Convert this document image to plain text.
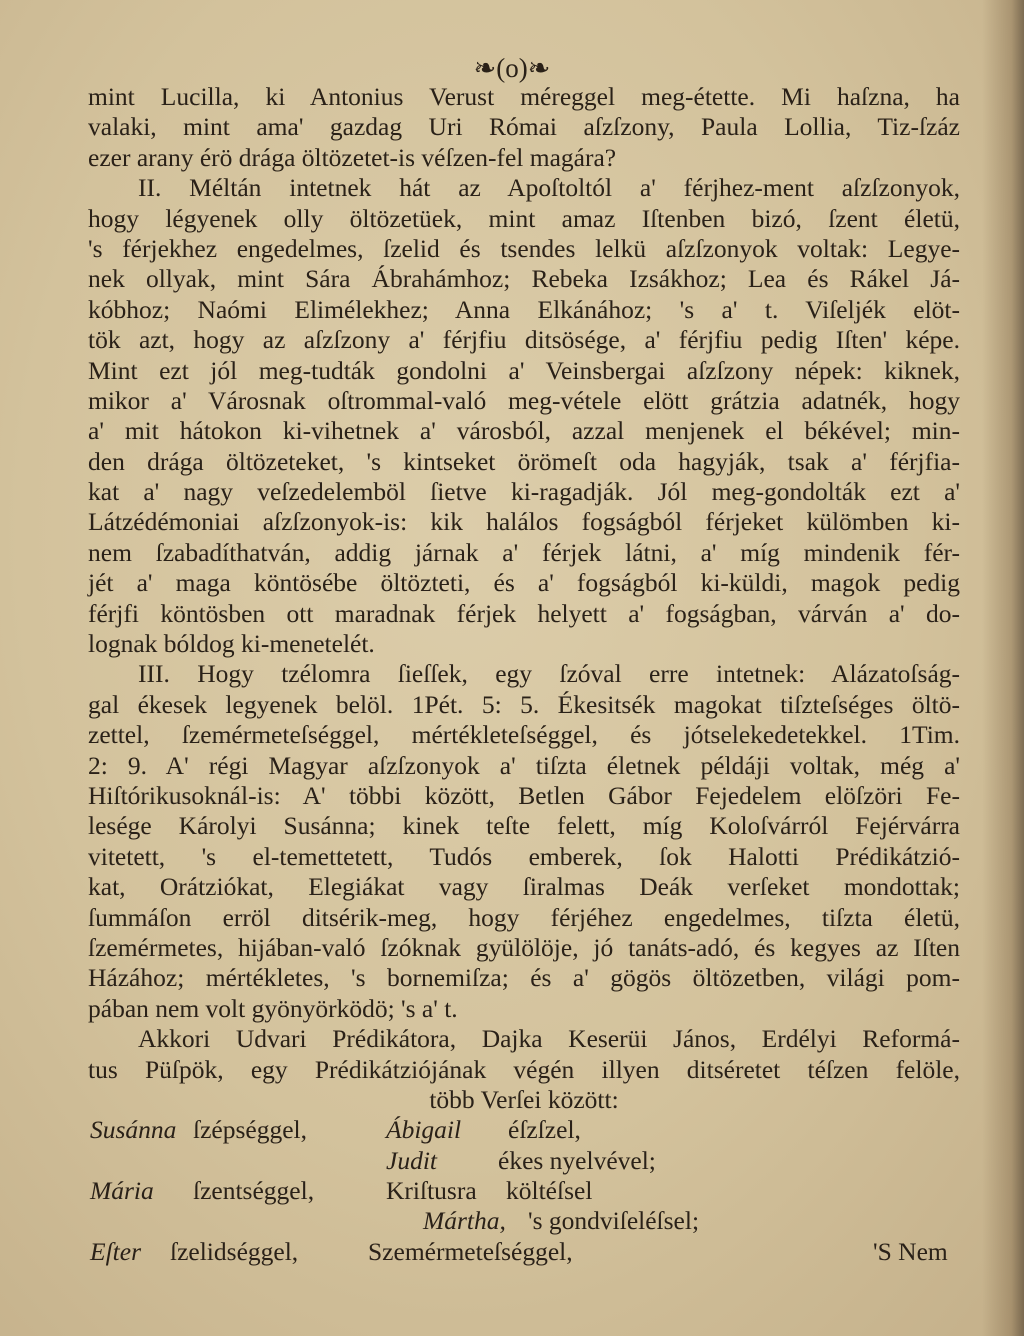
❧(o)❧
mint Lucilla, ki Antonius Verust méreggel meg-étette. Mi haſzna, ha
valaki, mint ama' gazdag Uri Római aſzſzony, Paula Lollia, Tiz-ſzáz
ezer arany érö drága öltözetet-is véſzen-fel magára?
II. Méltán intetnek hát az Apoſtoltól a' férjhez-ment aſzſzonyok,
hogy légyenek olly öltözetüek, mint amaz Iſtenben bizó, ſzent életü,
's férjekhez engedelmes, ſzelid és tsendes lelkü aſzſzonyok voltak: Legye-
nek ollyak, mint Sára Ábrahámhoz; Rebeka Izsákhoz; Lea és Rákel Já-
kóbhoz; Naómi Elimélekhez; Anna Elkánához; 's a' t. Viſeljék elöt-
tök azt, hogy az aſzſzony a' férjfiu ditsösége, a' férjfiu pedig Iſten' képe.
Mint ezt jól meg-tudták gondolni a' Veinsbergai aſzſzony népek: kiknek,
mikor a' Városnak oſtrommal-való meg-vétele elött grátzia adatnék, hogy
a' mit hátokon ki-vihetnek a' városból, azzal menjenek el békével; min-
den drága öltözeteket, 's kintseket örömeſt oda hagyják, tsak a' férjfia-
kat a' nagy veſzedelemböl ſietve ki-ragadják. Jól meg-gondolták ezt a'
Látzédémoniai aſzſzonyok-is: kik halálos fogságból férjeket külömben ki-
nem ſzabadíthatván, addig járnak a' férjek látni, a' míg mindenik fér-
jét a' maga köntösébe öltözteti, és a' fogságból ki-küldi, magok pedig
férjfi köntösben ott maradnak férjek helyett a' fogságban, várván a' do-
lognak bóldog ki-menetelét.
III. Hogy tzélomra ſieſſek, egy ſzóval erre intetnek: Alázatoſság-
gal ékesek legyenek belöl. 1Pét. 5: 5. Ékesitsék magokat tiſzteſséges öltö-
zettel, ſzemérmeteſséggel, mértékleteſséggel, és jótselekedetekkel. 1Tim.
2: 9. A' régi Magyar aſzſzonyok a' tiſzta életnek példáji voltak, még a'
Hiſtórikusoknál-is: A' többi között, Betlen Gábor Fejedelem elöſzöri Fe-
lesége Károlyi Susánna; kinek teſte felett, míg Koloſvárról Fejérvárra
vitetett, 's el-temettetett, Tudós emberek, ſok Halotti Prédikátzió-
kat, Orátziókat, Elegiákat vagy ſiralmas Deák verſeket mondottak;
ſummáſon erröl ditsérik-meg, hogy férjéhez engedelmes, tiſzta életü,
ſzemérmetes, hijában-való ſzóknak gyülölöje, jó tanáts-adó, és kegyes az Iſten
Házához; mértékletes, 's bornemiſza; és a' gögös öltözetben, világi pom-
pában nem volt gyönyörködö; 's a' t.
Akkori Udvari Prédikátora, Dajka Keserüi János, Erdélyi Reformá-
tus Püſpök, egy Prédikátziójának végén illyen ditséretet téſzen felöle,
több Verſei között:
Susánna ſzépséggel,	Ábigail éſzſzel,
Judit ékes nyelvével;
Mária ſzentséggel,	Kriſtusra költéſsel
Mártha, 's gondviſeléſsel;
Eſter ſzelidséggel,	Szemérmeteſséggel,	'S Nem
